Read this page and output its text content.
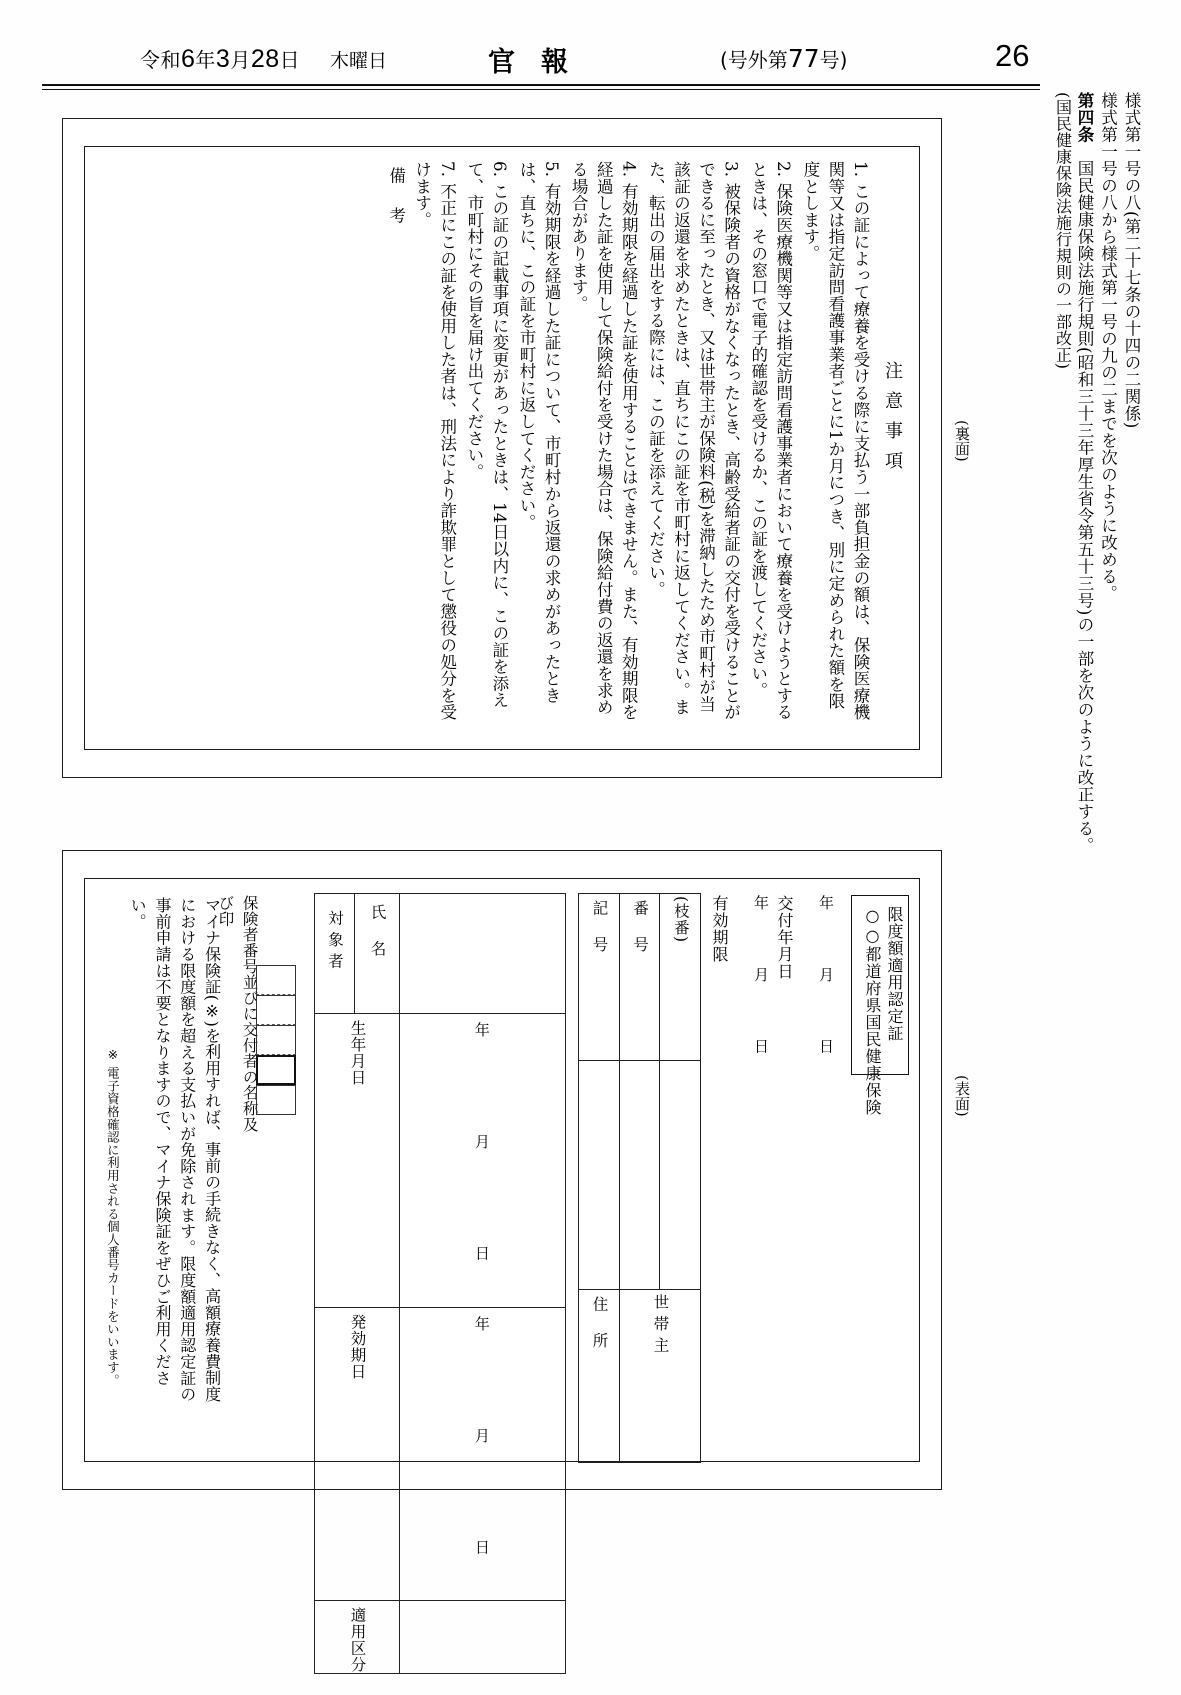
令和6年3月28日 木曜日	官報	(号外第77号)	26
(国民健康保険法施行規則の一部改正) 第四条　国民健康保険法施行規則(昭和三十三年厚生省令第五十三号)の一部を次のように改正する。 様式第一号の八から様式第一号の九の二までを次のように改める。 様式第一号の八(第二十七条の十四の二関係)
(裏面)
(表面)
注意事項
1. この証によって療養を受ける際に支払う一部負担金の額は、保険医療機関等又は指定訪問看護事業者ごとに1か月につき、別に定められた額を限度とします。
2. 保険医療機関等又は指定訪問看護事業者において療養を受けようとするときは、その窓口で電子的確認を受けるか、この証を渡してください。
3. 被保険者の資格がなくなったとき、高齢受給者証の交付を受けることができるに至ったとき、又は世帯主が保険料(税)を滞納したため市町村が当該証の返還を求めたときは、直ちにこの証を市町村に返してください。また、転出の届出をする際には、この証を添えてください。
4. 有効期限を経過した証を使用することはできません。また、有効期限を経過した証を使用して保険給付を受けた場合は、保険給付費の返還を求める場合があります。
5. 有効期限を経過した証について、市町村から返還の求めがあったときは、直ちに、この証を市町村に返してください。
6. この証の記載事項に変更があったときは、14日以内に、この証を添えて、市町村にその旨を届け出てください。
7. 不正にこの証を使用した者は、刑法により詐欺罪として懲役の処分を受けます。
備 考
○○都道府県国民健康保険 限度額適用認定証
有効期限 年 月 日 交付年月日 年 月 日
記 号	番 号	(枝番)

住 所	世帯主	
対象者	氏 名	

生年月日		年 月 日

発効期日		年 月 日

適用区分		

保険者番号並びに交付者の名称及び印
マイナ保険証(※)を利用すれば、事前の手続きなく、高額療養費制度における限度額を超える支払いが免除されます。限度額適用認定証の事前申請は不要となりますので、マイナ保険証をぜひご利用ください。
※ 電子資格確認に利用される個人番号カードをいいます。
